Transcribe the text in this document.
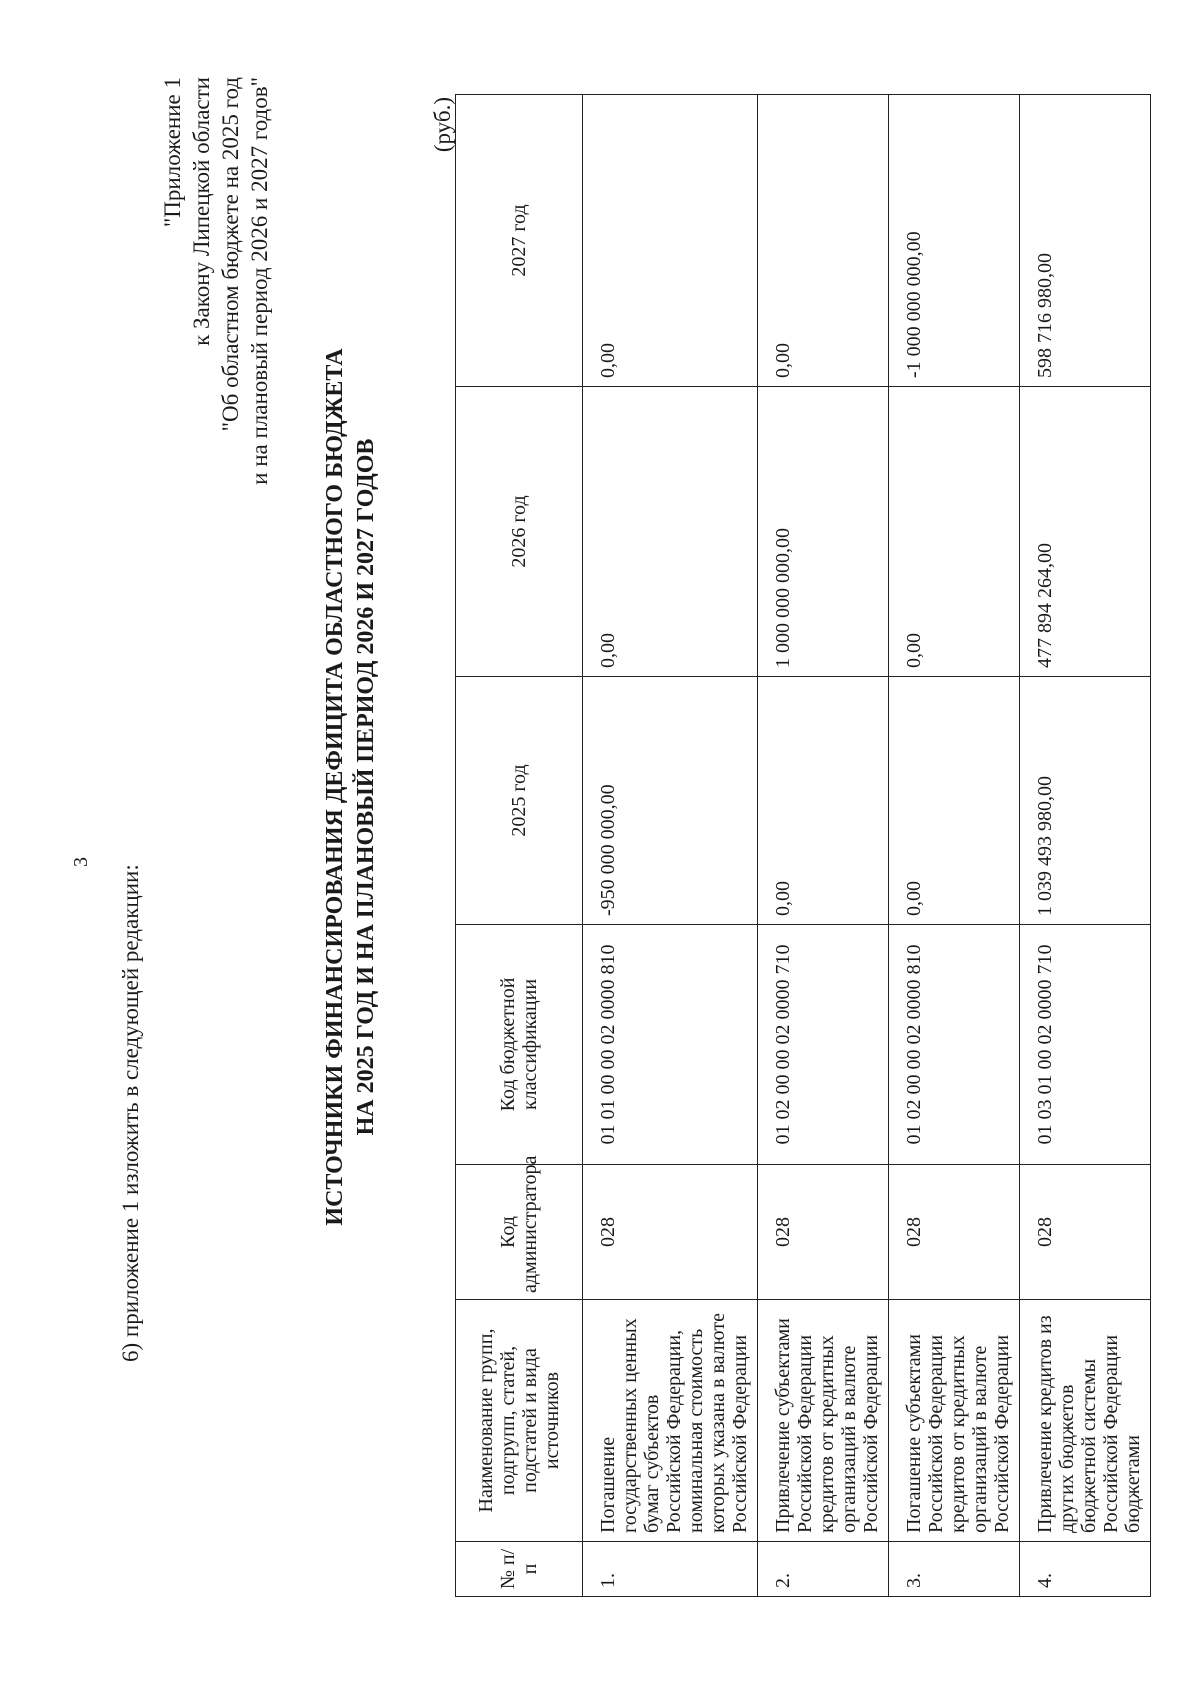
3
6) приложение 1 изложить в следующей редакции:
"Приложение 1 к Закону Липецкой области "Об областном бюджете на 2025 год и на плановый период 2026 и 2027 годов"
ИСТОЧНИКИ ФИНАНСИРОВАНИЯ ДЕФИЦИТА ОБЛАСТНОГО БЮДЖЕТА НА 2025 ГОД И НА ПЛАНОВЫЙ ПЕРИОД 2026 И 2027 ГОДОВ
(руб.)
№ п/п	Наименование групп, подгрупп, статей, подстатей и вида источников	Код администратора	Код бюджетной классификации	2025 год	2026 год	2027 год
1.	Погашение государственных ценных бумаг субъектов Российской Федерации, номинальная стоимость которых указана в валюте Российской Федерации	028	01 01 00 00 02 0000 810	-950 000 000,00	0,00	0,00
2.	Привлечение субъектами Российской Федерации кредитов от кредитных организаций в валюте Российской Федерации	028	01 02 00 00 02 0000 710	0,00	1 000 000 000,00	0,00
3.	Погашение субъектами Российской Федерации кредитов от кредитных организаций в валюте Российской Федерации	028	01 02 00 00 02 0000 810	0,00	0,00	-1 000 000 000,00
4.	Привлечение кредитов из других бюджетов бюджетной системы Российской Федерации бюджетами	028	01 03 01 00 02 0000 710	1 039 493 980,00	477 894 264,00	598 716 980,00
